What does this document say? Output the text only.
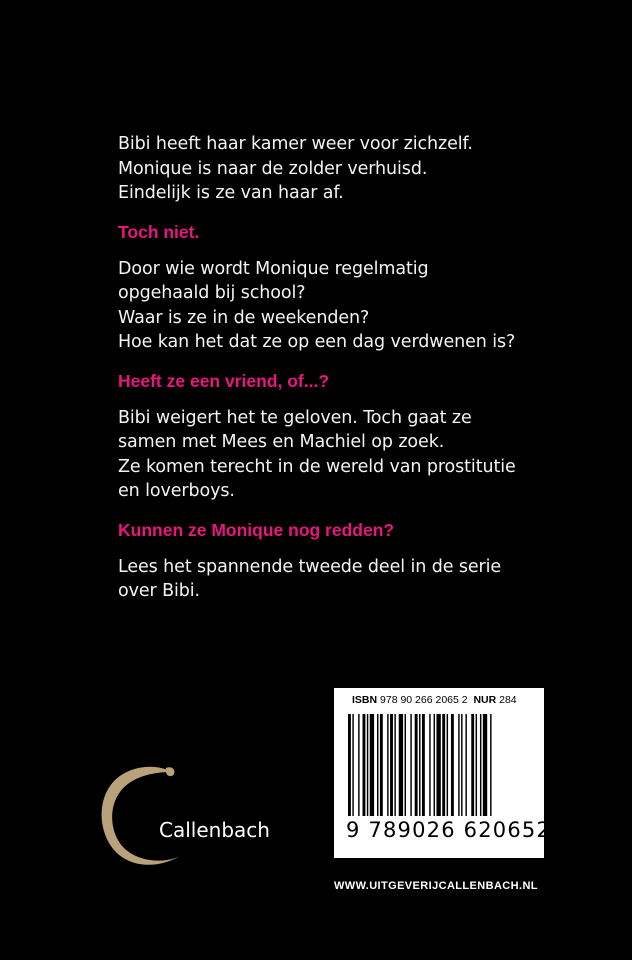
Bibi heeft haar kamer weer voor zichzelf.
Monique is naar de zolder verhuisd.
Eindelijk is ze van haar af.

Toch niet.

Door wie wordt Monique regelmatig
opgehaald bij school?
Waar is ze in de weekenden?
Hoe kan het dat ze op een dag verdwenen is?

Heeft ze een vriend, of...?

Bibi weigert het te geloven. Toch gaat ze
samen met Mees en Machiel op zoek.
Ze komen terecht in de wereld van prostitutie
en loverboys.

Kunnen ze Monique nog redden?

Lees het spannende tweede deel in de serie
over Bibi.

Callenbach
ISBN 978 90 266 2065 2 NUR 284
9 789026 620652
WWW.UITGEVERIJCALLENBACH.NL
